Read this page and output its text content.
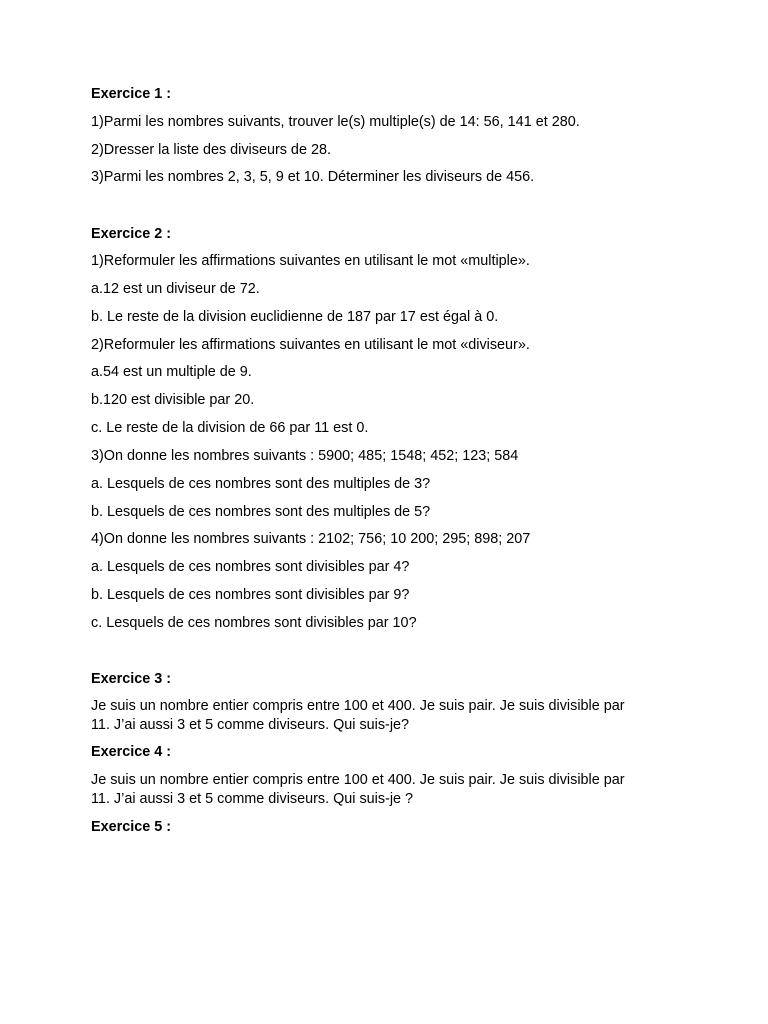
Exercice 1 :

1)Parmi les nombres suivants, trouver le(s) multiple(s) de 14: 56, 141 et 280.

2)Dresser la liste des diviseurs de 28.

3)Parmi les nombres 2, 3, 5, 9 et 10. Déterminer les diviseurs de 456.

Exercice 2 :

1)Reformuler les affirmations suivantes en utilisant le mot «multiple».

a.12 est un diviseur de 72.

b. Le reste de la division euclidienne de 187 par 17 est égal à 0.

2)Reformuler les affirmations suivantes en utilisant le mot «diviseur».

a.54 est un multiple de 9.

b.120 est divisible par 20.

c. Le reste de la division de 66 par 11 est 0.

3)On donne les nombres suivants : 5900; 485; 1548; 452; 123; 584

a. Lesquels de ces nombres sont des multiples de 3?

b. Lesquels de ces nombres sont des multiples de 5?

4)On donne les nombres suivants : 2102; 756; 10 200; 295; 898; 207

a. Lesquels de ces nombres sont divisibles par 4?

b. Lesquels de ces nombres sont divisibles par 9?

c. Lesquels de ces nombres sont divisibles par 10?

Exercice 3 :

Je suis un nombre entier compris entre 100 et 400. Je suis pair. Je suis divisible par

11. J’ai aussi 3 et 5 comme diviseurs. Qui suis-je?

Exercice 4 :

Je suis un nombre entier compris entre 100 et 400. Je suis pair. Je suis divisible par

11. J’ai aussi 3 et 5 comme diviseurs. Qui suis-je ?

Exercice 5 :
